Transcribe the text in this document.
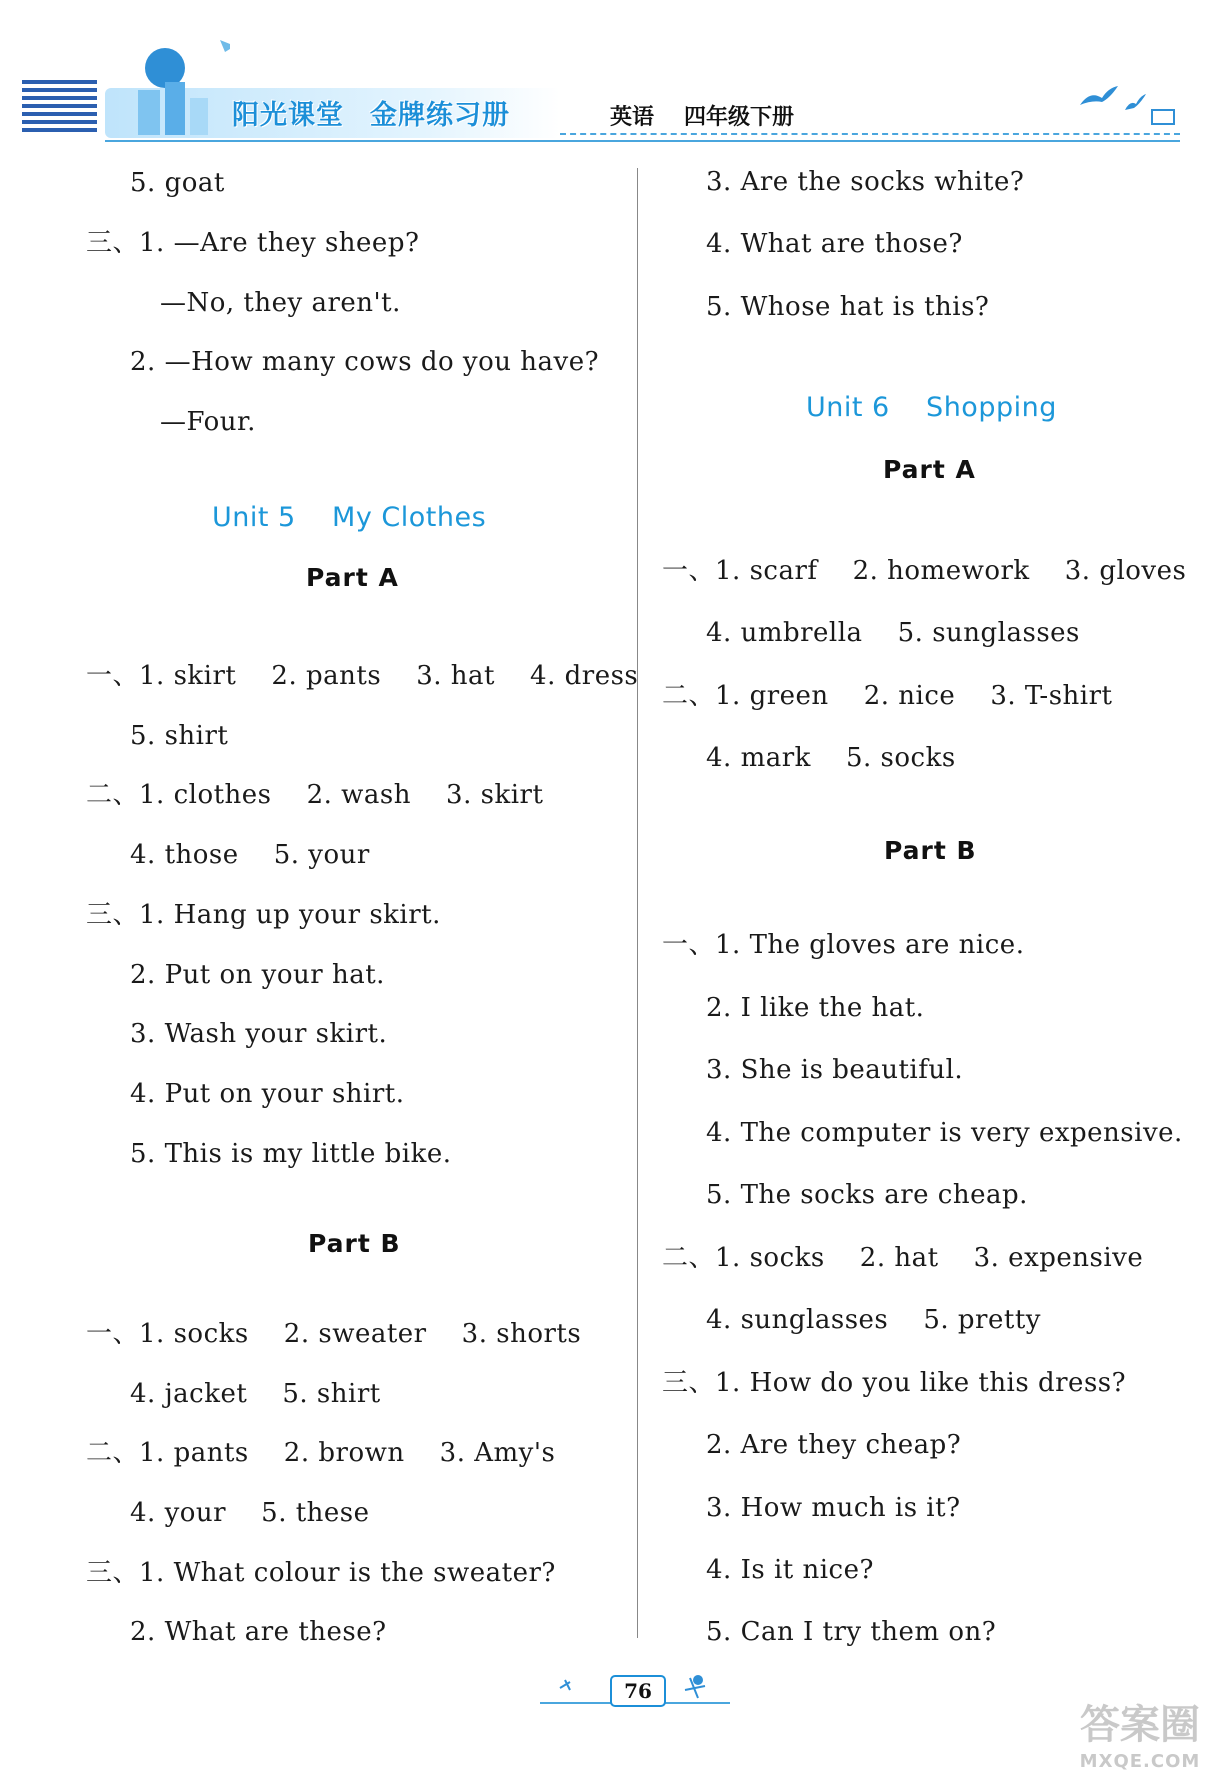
阳光课堂 金牌练习册	英语 四年级下册
5. goat
三、1. —Are they sheep?
—No, they aren't.
2. —How many cows do you have?
—Four.
Unit 5    My Clothes
Part A
一、1. skirt    2. pants    3. hat    4. dress
5. shirt
二、1. clothes    2. wash    3. skirt
4. those    5. your
三、1. Hang up your skirt.
2. Put on your hat.
3. Wash your skirt.
4. Put on your shirt.
5. This is my little bike.
Part B
一、1. socks    2. sweater    3. shorts
4. jacket    5. shirt
二、1. pants    2. brown    3. Amy's
4. your    5. these
三、1. What colour is the sweater?
2. What are these?
3. Are the socks white?
4. What are those?
5. Whose hat is this?
Unit 6    Shopping
Part A
一、1. scarf    2. homework    3. gloves
4. umbrella    5. sunglasses
二、1. green    2. nice    3. T-shirt
4. mark    5. socks
Part B
一、1. The gloves are nice.
2. I like the hat.
3. She is beautiful.
4. The computer is very expensive.
5. The socks are cheap.
二、1. socks    2. hat    3. expensive
4. sunglasses    5. pretty
三、1. How do you like this dress?
2. Are they cheap?
3. How much is it?
4. Is it nice?
5. Can I try them on?
76
答案圈
MXQE.COM
